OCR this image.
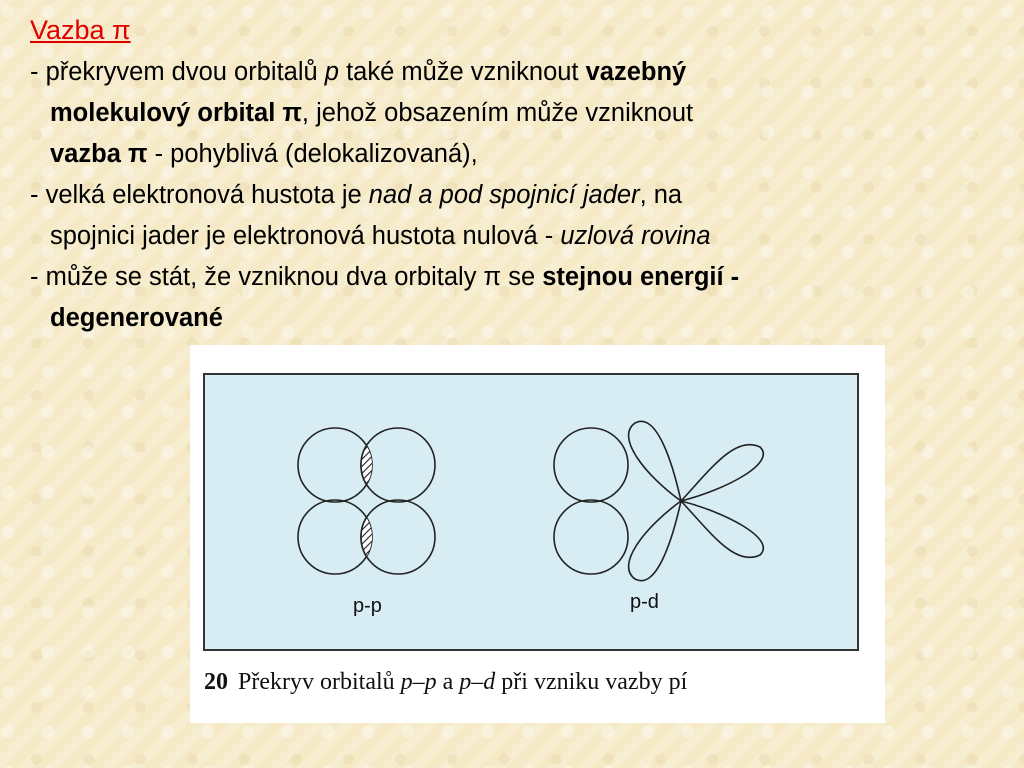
Vazba π
- překryvem dvou orbitalů p také může vzniknout vazebný
molekulový orbital π, jehož obsazením může vzniknout
vazba π - pohyblivá (delokalizovaná),
- velká elektronová hustota je nad a pod spojnicí jader, na
spojnici jader je elektronová hustota nulová - uzlová rovina
- může se stát, že vzniknou dva orbitaly π se stejnou energií -
degenerované
p-p	p-d
20 Překryv orbitalů p–p a p–d při vzniku vazby pí
